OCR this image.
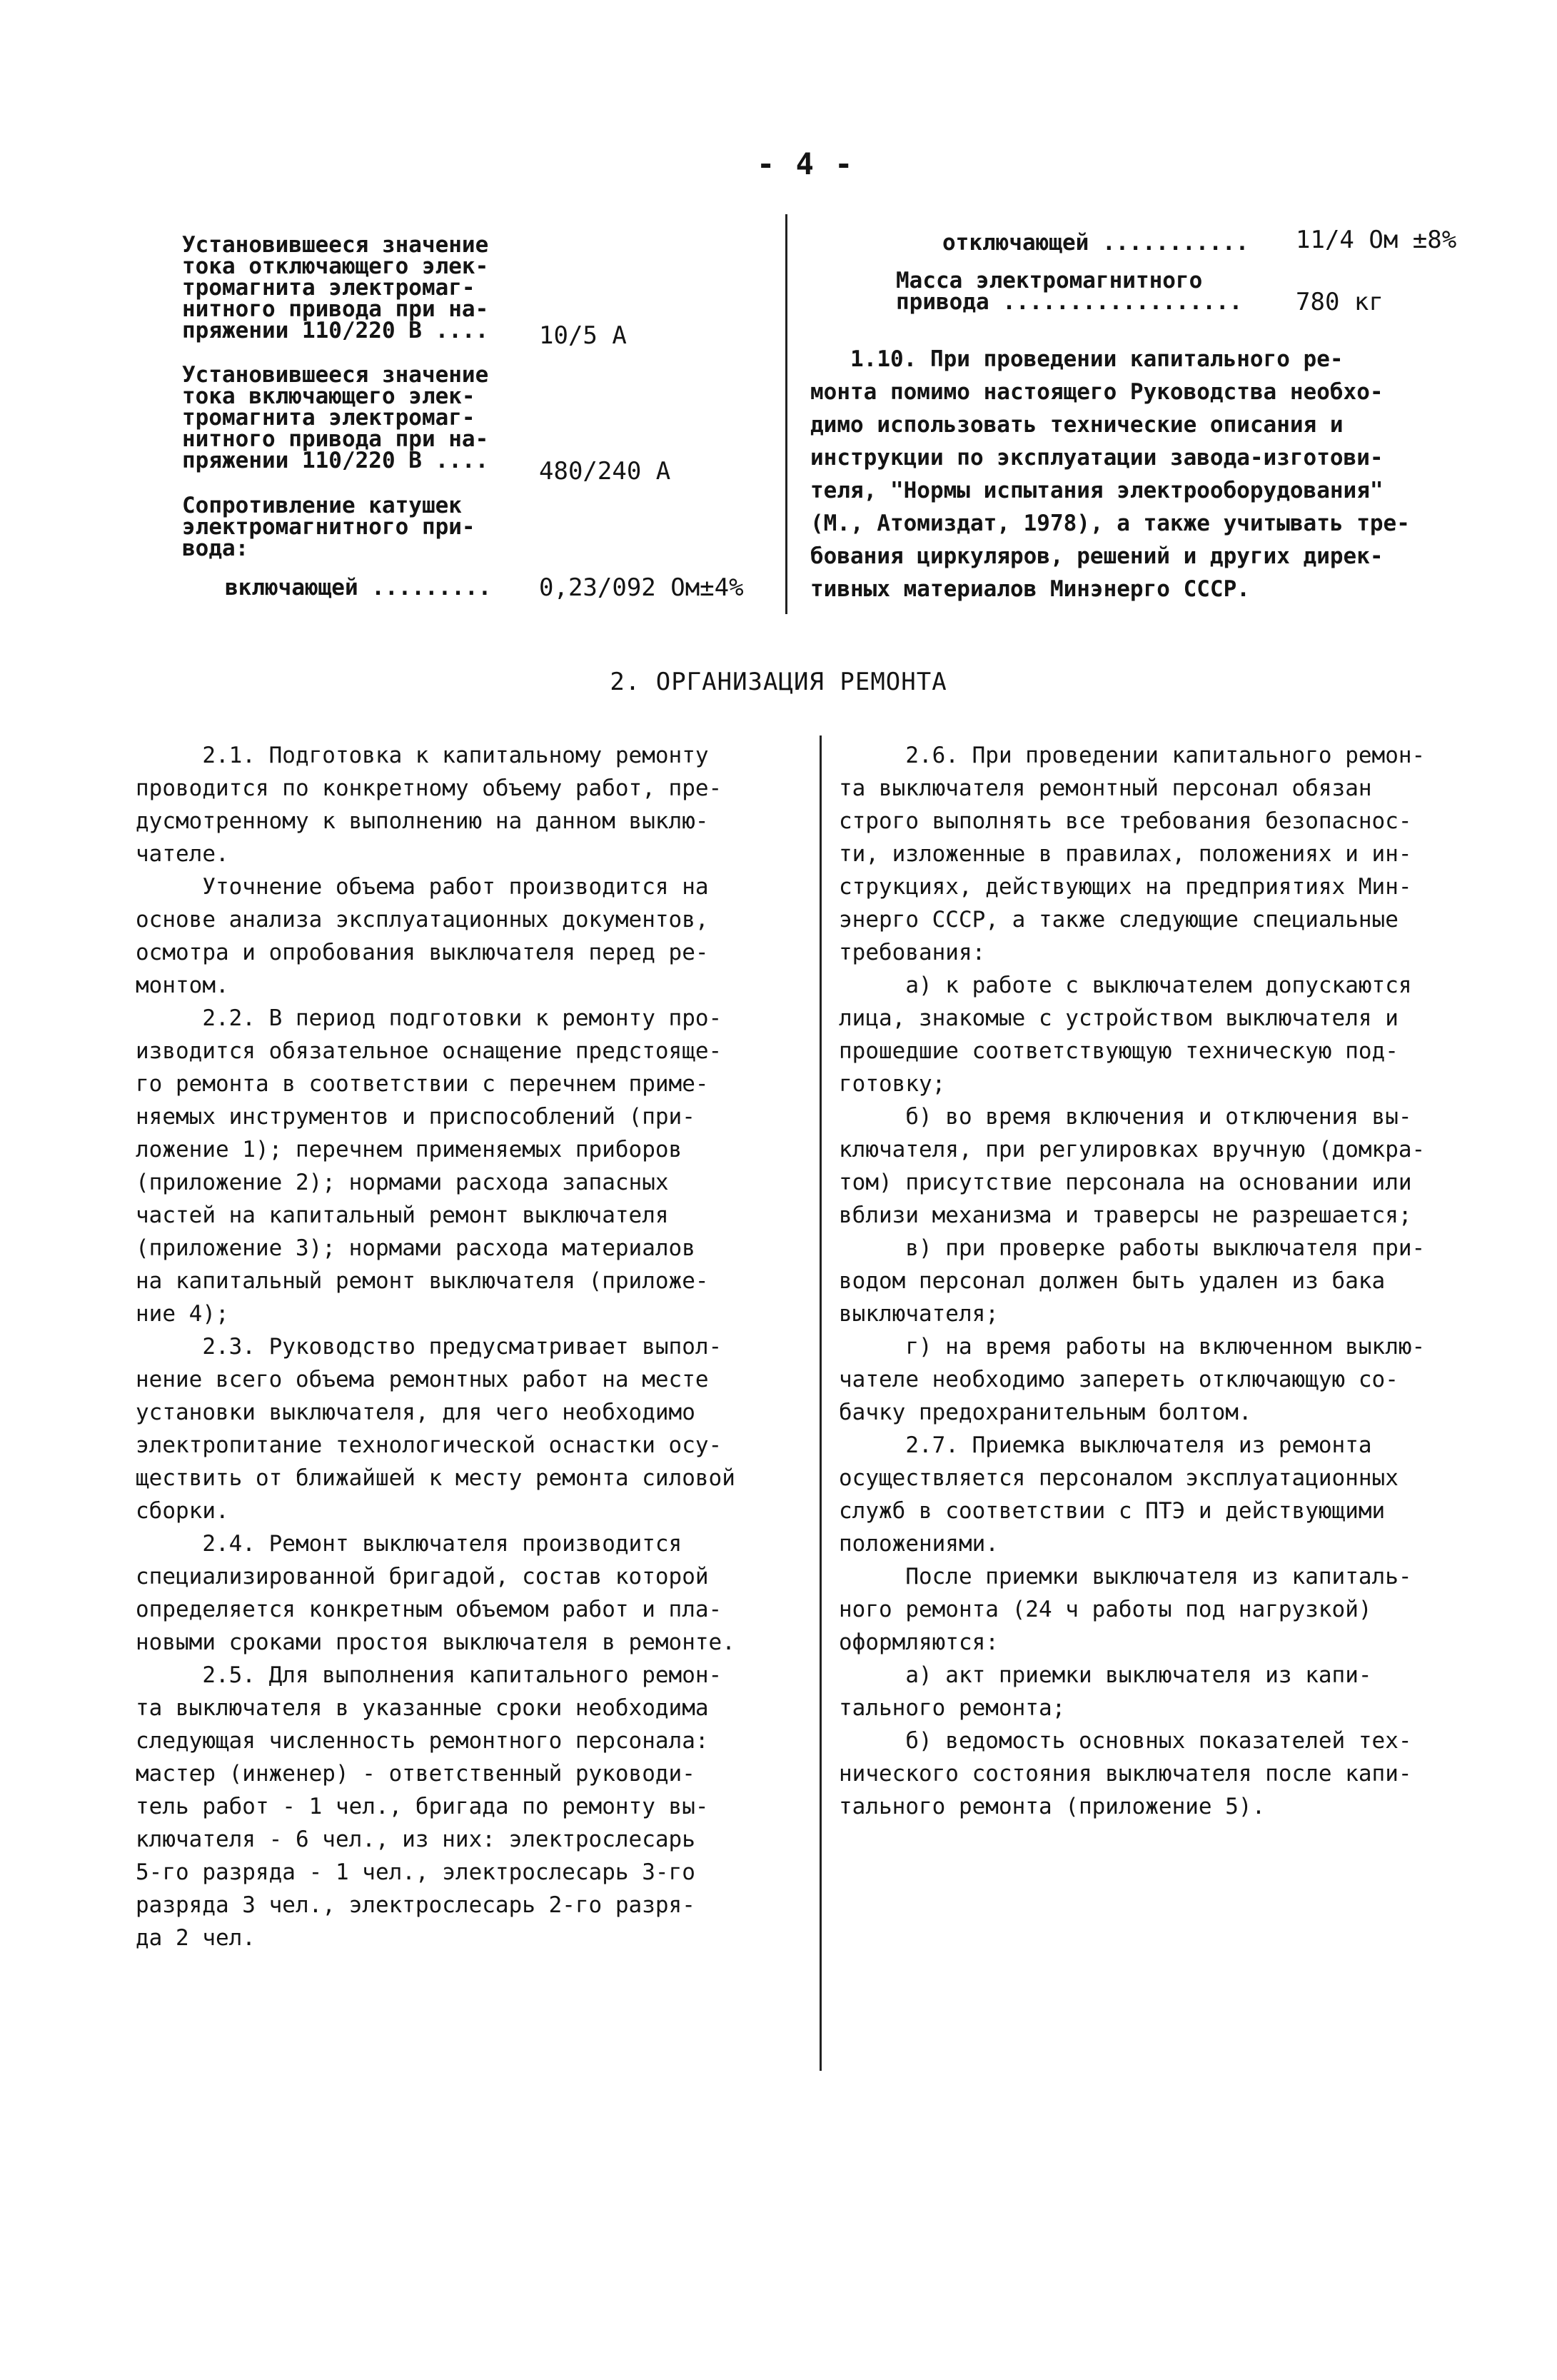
- 4 -
Установившееся значение
тока отключающего элек-
тромагнита электромаг-
нитного привода при на-
пряжении 110/220 В .... 10/5 А
Установившееся значение
тока включающего элек-
тромагнита электромаг-
нитного привода при на-
пряжении 110/220 В .... 480/240 А
Сопротивление катушек
электромагнитного при-
вода:
включающей ......... 0,23/092 Ом±4%
отключающей ........... 11/4 Ом ±8%
Масса электромагнитного
привода .................. 780 кг

1.10. При проведении капитального ре-
монта помимо настоящего Руководства необхо-
димо использовать технические описания и
инструкции по эксплуатации завода-изготови-
теля, "Нормы испытания электрооборудования"
(М., Атомиздат, 1978), а также учитывать тре-
бования циркуляров, решений и других дирек-
тивных материалов Минэнерго СССР.

2. ОРГАНИЗАЦИЯ РЕМОНТА

2.1. Подготовка к капитальному ремонту
проводится по конкретному объему работ, пре-
дусмотренному к выполнению на данном выклю-
чателе.

Уточнение объема работ производится на
основе анализа эксплуатационных документов,
осмотра и опробования выключателя перед ре-
монтом.

2.2. В период подготовки к ремонту про-
изводится обязательное оснащение предстояще-
го ремонта в соответствии с перечнем приме-
няемых инструментов и приспособлений (при-
ложение 1); перечнем применяемых приборов
(приложение 2); нормами расхода запасных
частей на капитальный ремонт выключателя
(приложение 3); нормами расхода материалов
на капитальный ремонт выключателя (приложе-
ние 4);

2.3. Руководство предусматривает выпол-
нение всего объема ремонтных работ на месте
установки выключателя, для чего необходимо
электропитание технологической оснастки осу-
ществить от ближайшей к месту ремонта силовой
сборки.

2.4. Ремонт выключателя производится
специализированной бригадой, состав которой
определяется конкретным объемом работ и пла-
новыми сроками простоя выключателя в ремонте.

2.5. Для выполнения капитального ремон-
та выключателя в указанные сроки необходима
следующая численность ремонтного персонала:
мастер (инженер) - ответственный руководи-
тель работ - 1 чел., бригада по ремонту вы-
ключателя - 6 чел., из них: электрослесарь
5-го разряда - 1 чел., электрослесарь 3-го
разряда 3 чел., электрослесарь 2-го разря-
да 2 чел.

2.6. При проведении капитального ремон-
та выключателя ремонтный персонал обязан
строго выполнять все требования безопаснос-
ти, изложенные в правилах, положениях и ин-
струкциях, действующих на предприятиях Мин-
энерго СССР, а также следующие специальные
требования:

а) к работе с выключателем допускаются
лица, знакомые с устройством выключателя и
прошедшие соответствующую техническую под-
готовку;

б) во время включения и отключения вы-
ключателя, при регулировках вручную (домкра-
том) присутствие персонала на основании или
вблизи механизма и траверсы не разрешается;

в) при проверке работы выключателя при-
водом персонал должен быть удален из бака
выключателя;

г) на время работы на включенном выклю-
чателе необходимо запереть отключающую со-
бачку предохранительным болтом.

2.7. Приемка выключателя из ремонта
осуществляется персоналом эксплуатационных
служб в соответствии с ПТЭ и действующими
положениями.

После приемки выключателя из капиталь-
ного ремонта (24 ч работы под нагрузкой)
оформляются:

а) акт приемки выключателя из капи-
тального ремонта;

б) ведомость основных показателей тех-
нического состояния выключателя после капи-
тального ремонта (приложение 5).
